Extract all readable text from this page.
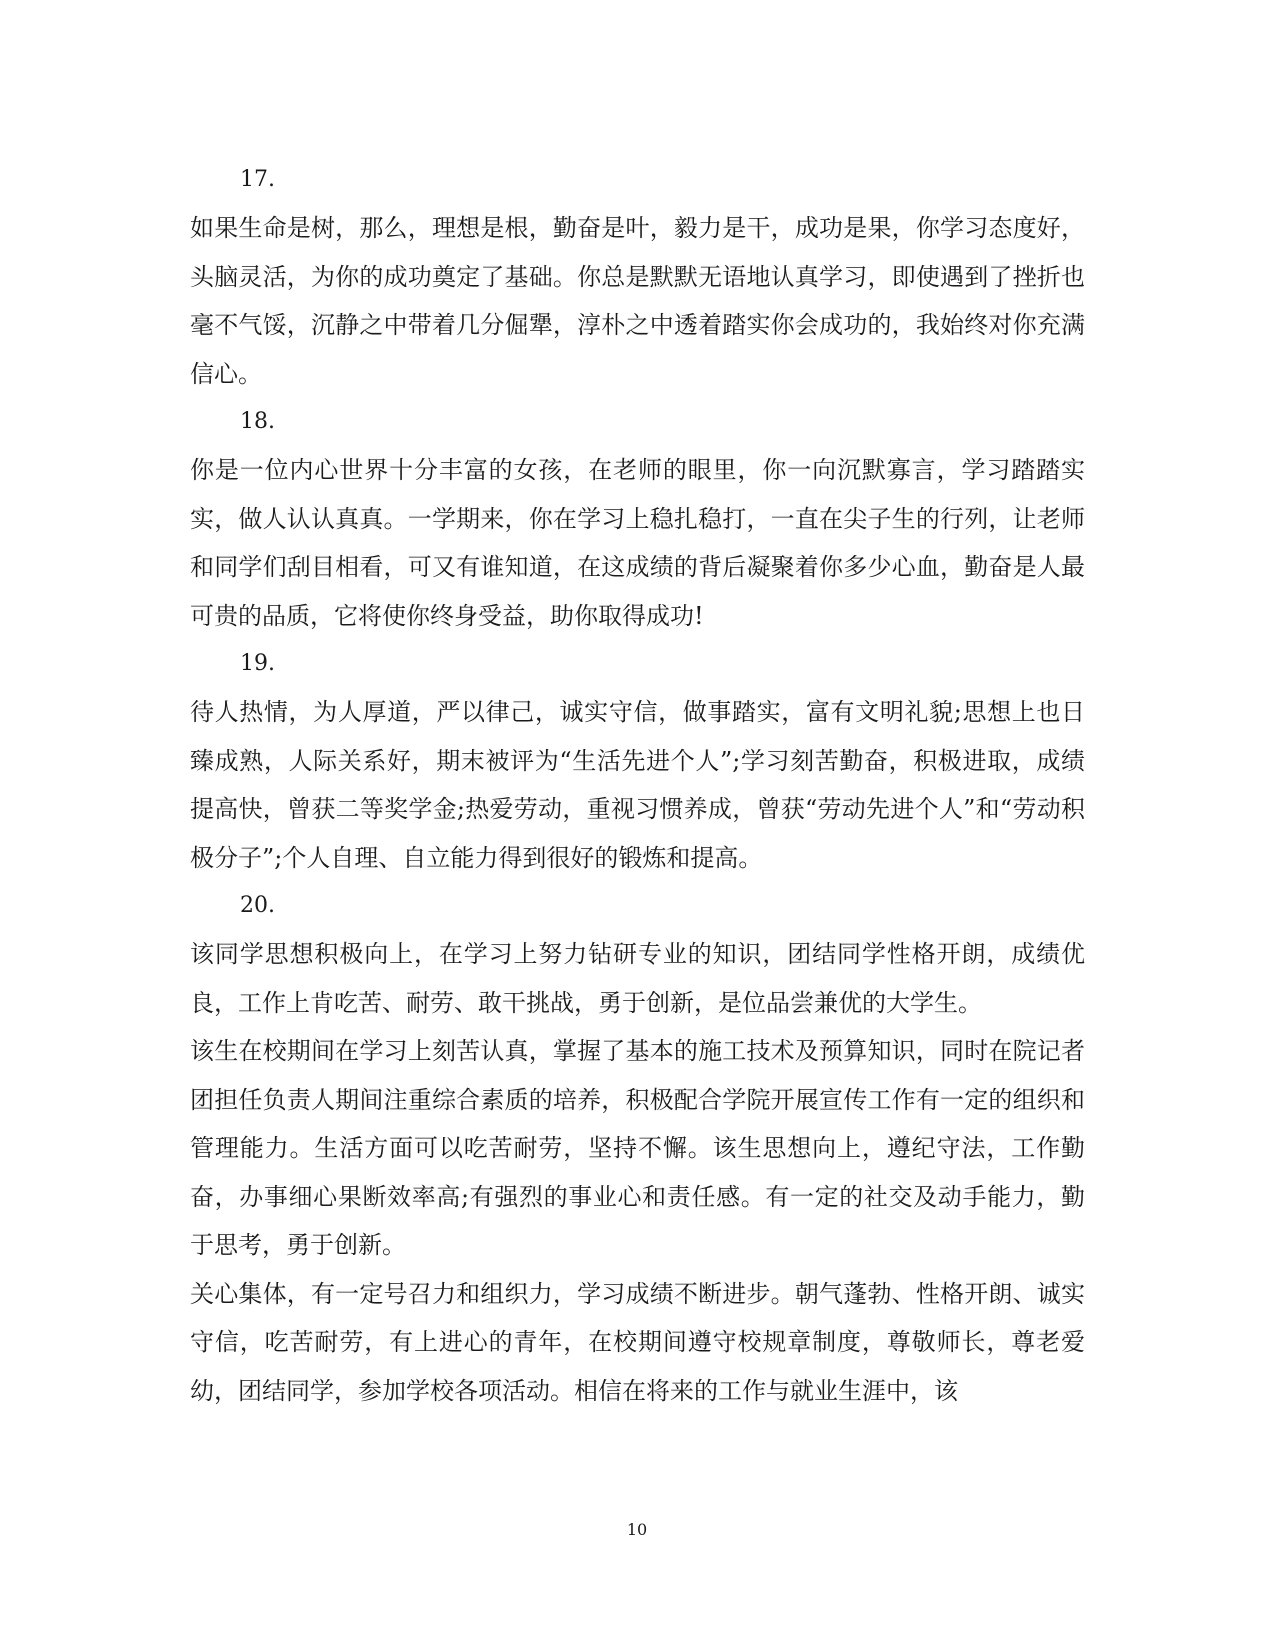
17.

如果生命是树，那么，理想是根，勤奋是叶，毅力是干，成功是果，你学习态度好，头脑灵活，为你的成功奠定了基础。你总是默默无语地认真学习，即使遇到了挫折也毫不气馁，沉静之中带着几分倔犟，淳朴之中透着踏实你会成功的，我始终对你充满信心。

18.

你是一位内心世界十分丰富的女孩，在老师的眼里，你一向沉默寡言，学习踏踏实实，做人认认真真。一学期来，你在学习上稳扎稳打，一直在尖子生的行列，让老师和同学们刮目相看，可又有谁知道，在这成绩的背后凝聚着你多少心血，勤奋是人最可贵的品质，它将使你终身受益，助你取得成功!

19.

待人热情，为人厚道，严以律己，诚实守信，做事踏实，富有文明礼貌;思想上也日臻成熟，人际关系好，期末被评为“生活先进个人”;学习刻苦勤奋，积极进取，成绩提高快，曾获二等奖学金;热爱劳动，重视习惯养成，曾获“劳动先进个人”和“劳动积极分子”;个人自理、自立能力得到很好的锻炼和提高。

20.

该同学思想积极向上，在学习上努力钻研专业的知识，团结同学性格开朗，成绩优良，工作上肯吃苦、耐劳、敢干挑战，勇于创新，是位品尝兼优的大学生。

该生在校期间在学习上刻苦认真，掌握了基本的施工技术及预算知识，同时在院记者团担任负责人期间注重综合素质的培养，积极配合学院开展宣传工作有一定的组织和管理能力。生活方面可以吃苦耐劳，坚持不懈。该生思想向上，遵纪守法，工作勤奋，办事细心果断效率高;有强烈的事业心和责任感。有一定的社交及动手能力，勤于思考，勇于创新。

关心集体，有一定号召力和组织力，学习成绩不断进步。朝气蓬勃、性格开朗、诚实守信，吃苦耐劳，有上进心的青年，在校期间遵守校规章制度，尊敬师长，尊老爱幼，团结同学，参加学校各项活动。相信在将来的工作与就业生涯中，该

10
